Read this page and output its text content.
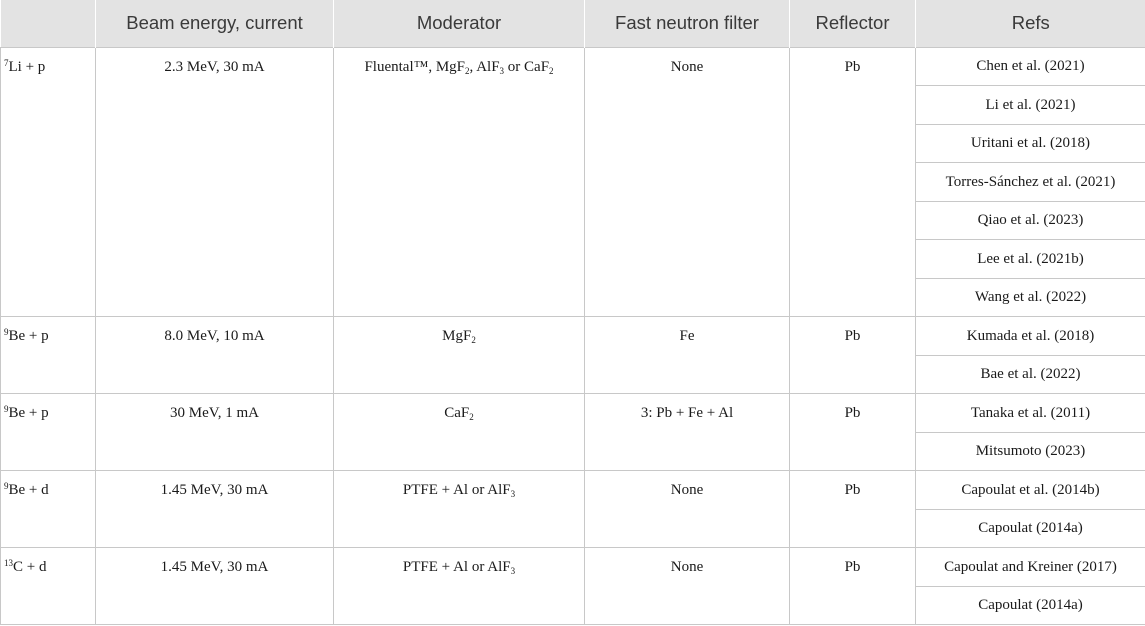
	Beam energy, current	Moderator	Fast neutron filter	Reflector	Refs
$^7$Li + p	2.3 MeV, 30 mA	Fluental™, MgF$_2$, AlF$_3$ or CaF$_2$	None	Pb	Chen et al. (2021)
					Li et al. (2021)
					Uritani et al. (2018)
					Torres-Sánchez et al. (2021)
					Qiao et al. (2023)
					Lee et al. (2021b)
					Wang et al. (2022)
$^9$Be + p	8.0 MeV, 10 mA	MgF$_2$	Fe	Pb	Kumada et al. (2018)
					Bae et al. (2022)
$^9$Be + p	30 MeV, 1 mA	CaF$_2$	3: Pb + Fe + Al	Pb	Tanaka et al. (2011)
					Mitsumoto (2023)
$^9$Be + d	1.45 MeV, 30 mA	PTFE + Al or AlF$_3$	None	Pb	Capoulat et al. (2014b)
					Capoulat (2014a)
$^{13}$C + d	1.45 MeV, 30 mA	PTFE + Al or AlF$_3$	None	Pb	Capoulat and Kreiner (2017)
					Capoulat (2014a)
